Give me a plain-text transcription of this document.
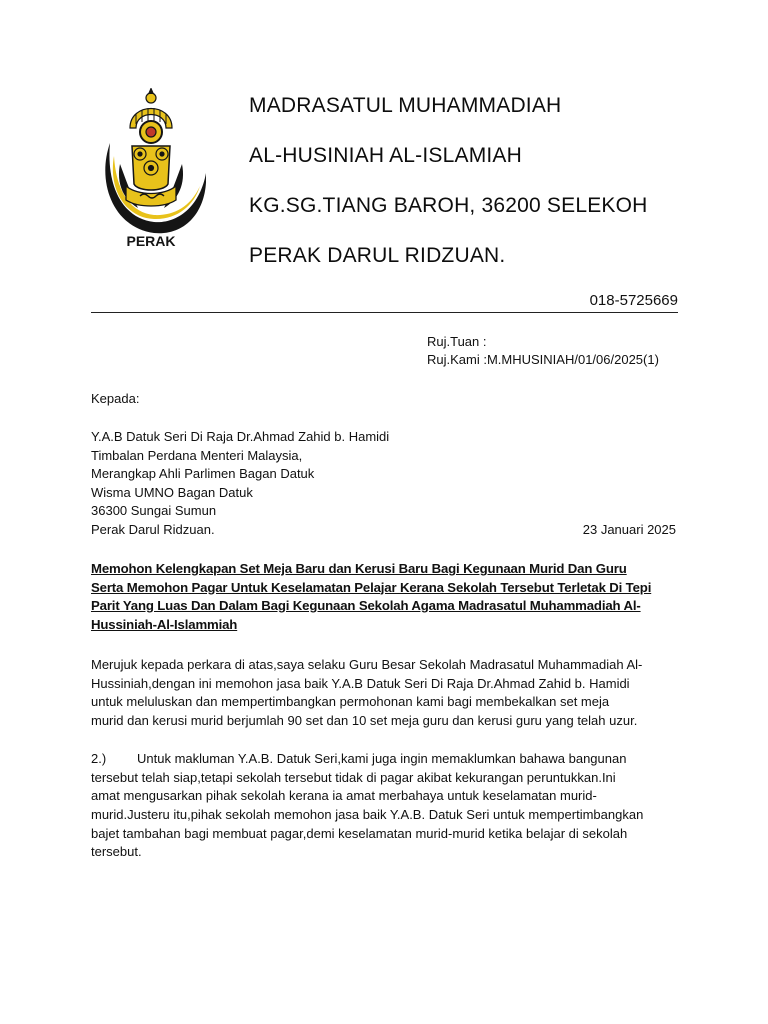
PERAK
MADRASATUL MUHAMMADIAH
AL-HUSINIAH AL-ISLAMIAH
KG.SG.TIANG BAROH, 36200 SELEKOH
PERAK DARUL RIDZUAN.
018-5725669
Ruj.Tuan :
Ruj.Kami :M.MHUSINIAH/01/06/2025(1)
Kepada:
Y.A.B Datuk Seri Di Raja Dr.Ahmad Zahid b. Hamidi
Timbalan Perdana Menteri Malaysia,
Merangkap Ahli Parlimen Bagan Datuk
Wisma UMNO Bagan Datuk
36300 Sungai Sumun
Perak Darul Ridzuan.	23 Januari 2025
Memohon Kelengkapan Set Meja Baru dan Kerusi Baru Bagi Kegunaan Murid Dan Guru
Serta Memohon Pagar Untuk Keselamatan Pelajar Kerana Sekolah Tersebut Terletak Di Tepi
Parit Yang Luas Dan Dalam Bagi Kegunaan Sekolah Agama Madrasatul Muhammadiah Al-
Hussiniah-Al-Islammiah
Merujuk kepada perkara di atas,saya selaku Guru Besar Sekolah Madrasatul Muhammadiah Al-
Hussiniah,dengan ini memohon jasa baik Y.A.B Datuk Seri Di Raja Dr.Ahmad Zahid b. Hamidi
untuk meluluskan dan mempertimbangkan permohonan kami bagi membekalkan set meja
murid dan kerusi murid berjumlah 90 set dan 10 set meja guru dan kerusi guru yang telah uzur.
2.) Untuk makluman Y.A.B. Datuk Seri,kami juga ingin memaklumkan bahawa bangunan
tersebut telah siap,tetapi sekolah tersebut tidak di pagar akibat kekurangan peruntukkan.Ini
amat mengusarkan pihak sekolah kerana ia amat merbahaya untuk keselamatan murid-
murid.Justeru itu,pihak sekolah memohon jasa baik Y.A.B. Datuk Seri untuk mempertimbangkan
bajet tambahan bagi membuat pagar,demi keselamatan murid-murid ketika belajar di sekolah
tersebut.
